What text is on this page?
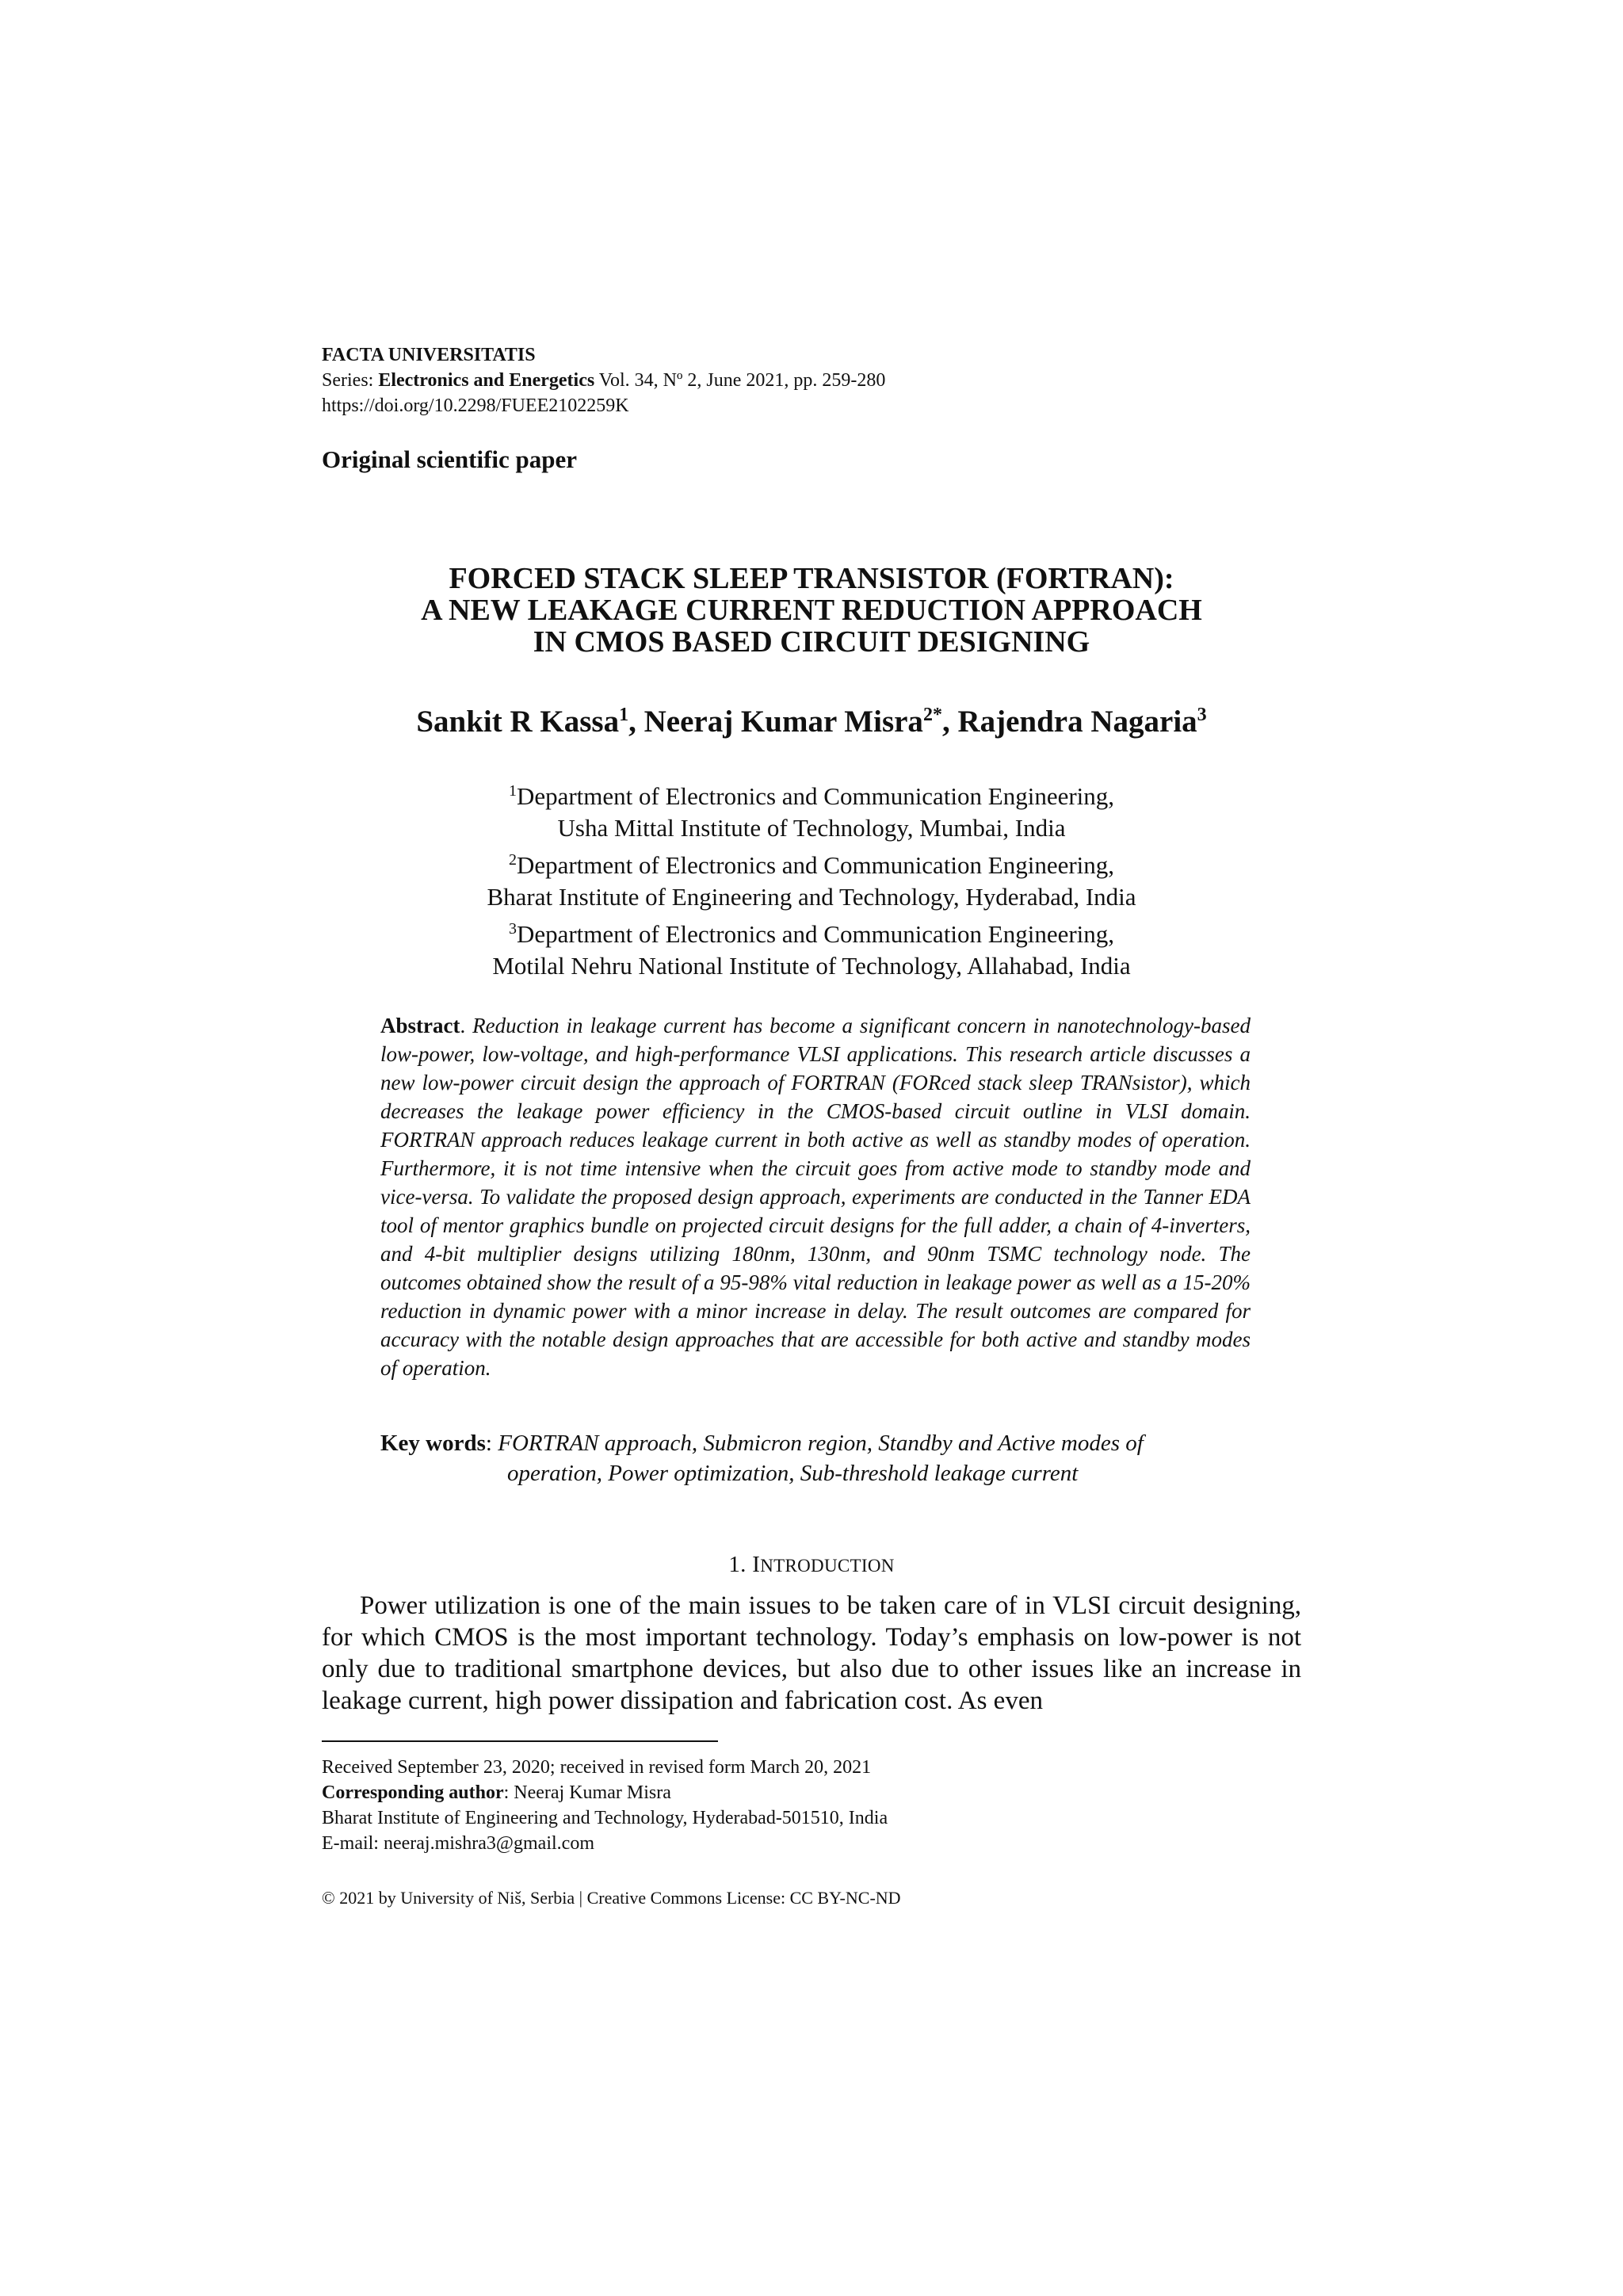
FACTA UNIVERSITATIS
Series: Electronics and Energetics Vol. 34, Nº 2, June 2021, pp. 259-280
https://doi.org/10.2298/FUEE2102259K
Original scientific paper
FORCED STACK SLEEP TRANSISTOR (FORTRAN):
A NEW LEAKAGE CURRENT REDUCTION APPROACH
IN CMOS BASED CIRCUIT DESIGNING
Sankit R Kassa$^1$, Neeraj Kumar Misra$^{2*}$, Rajendra Nagaria$^3$
$^1$Department of Electronics and Communication Engineering,
Usha Mittal Institute of Technology, Mumbai, India
$^2$Department of Electronics and Communication Engineering,
Bharat Institute of Engineering and Technology, Hyderabad, India
$^3$Department of Electronics and Communication Engineering,
Motilal Nehru National Institute of Technology, Allahabad, India
Abstract. Reduction in leakage current has become a significant concern in nanotechnology-based low-power, low-voltage, and high-performance VLSI applications. This research article discusses a new low-power circuit design the approach of FORTRAN (FORced stack sleep TRANsistor), which decreases the leakage power efficiency in the CMOS-based circuit outline in VLSI domain. FORTRAN approach reduces leakage current in both active as well as standby modes of operation. Furthermore, it is not time intensive when the circuit goes from active mode to standby mode and vice-versa. To validate the proposed design approach, experiments are conducted in the Tanner EDA tool of mentor graphics bundle on projected circuit designs for the full adder, a chain of 4-inverters, and 4-bit multiplier designs utilizing 180nm, 130nm, and 90nm TSMC technology node. The outcomes obtained show the result of a 95-98% vital reduction in leakage power as well as a 15-20% reduction in dynamic power with a minor increase in delay. The result outcomes are compared for accuracy with the notable design approaches that are accessible for both active and standby modes of operation.
Key words: FORTRAN approach, Submicron region, Standby and Active modes of
operation, Power optimization, Sub-threshold leakage current
1. INTRODUCTION
Power utilization is one of the main issues to be taken care of in VLSI circuit designing, for which CMOS is the most important technology. Today’s emphasis on low-power is not only due to traditional smartphone devices, but also due to other issues like an increase in leakage current, high power dissipation and fabrication cost. As even
Received September 23, 2020; received in revised form March 20, 2021
Corresponding author: Neeraj Kumar Misra
Bharat Institute of Engineering and Technology, Hyderabad-501510, India
E-mail: neeraj.mishra3@gmail.com
© 2021 by University of Niš, Serbia | Creative Commons License: CC BY-NC-ND
